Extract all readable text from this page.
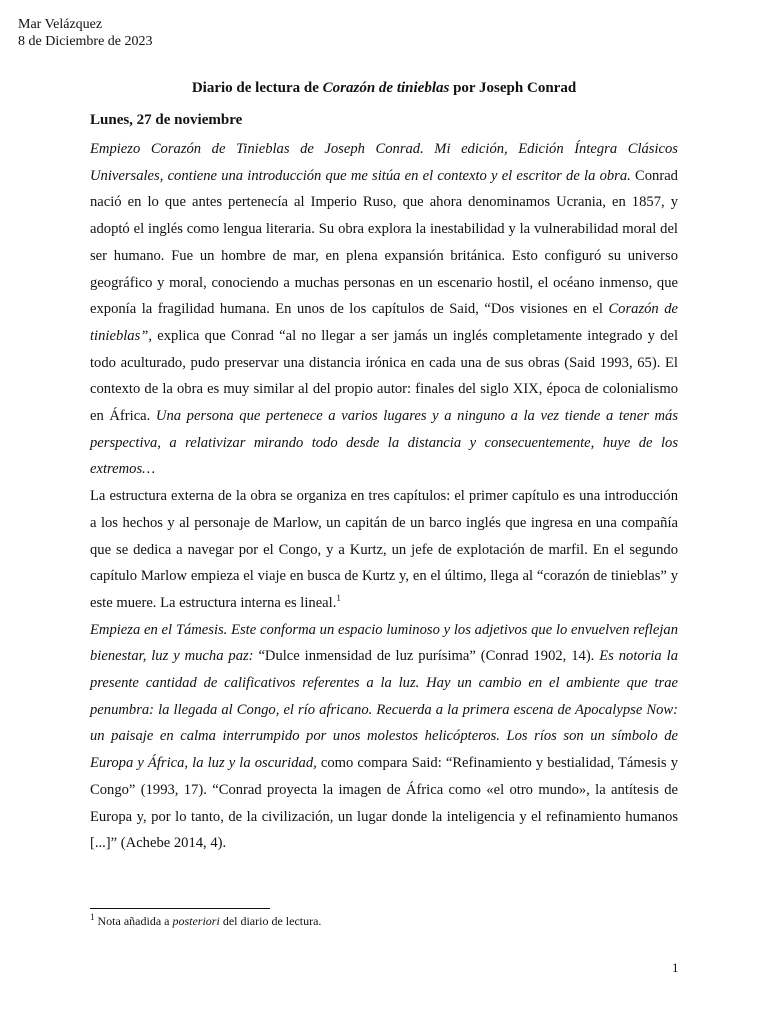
Mar Velázquez
8 de Diciembre de 2023
Diario de lectura de Corazón de tinieblas por Joseph Conrad
Lunes, 27 de noviembre

Empiezo Corazón de Tinieblas de Joseph Conrad. Mi edición, Edición Íntegra Clásicos Universales, contiene una introducción que me sitúa en el contexto y el escritor de la obra. Conrad nació en lo que antes pertenecía al Imperio Ruso, que ahora denominamos Ucrania, en 1857, y adoptó el inglés como lengua literaria. Su obra explora la inestabilidad y la vulnerabilidad moral del ser humano. Fue un hombre de mar, en plena expansión británica. Esto configuró su universo geográfico y moral, conociendo a muchas personas en un escenario hostil, el océano inmenso, que exponía la fragilidad humana. En unos de los capítulos de Said, “Dos visiones en el Corazón de tinieblas”, explica que Conrad “al no llegar a ser jamás un inglés completamente integrado y del todo aculturado, pudo preservar una distancia irónica en cada una de sus obras (Said 1993, 65). El contexto de la obra es muy similar al del propio autor: finales del siglo XIX, época de colonialismo en África. Una persona que pertenece a varios lugares y a ninguno a la vez tiende a tener más perspectiva, a relativizar mirando todo desde la distancia y consecuentemente, huye de los extremos…

La estructura externa de la obra se organiza en tres capítulos: el primer capítulo es una introducción a los hechos y al personaje de Marlow, un capitán de un barco inglés que ingresa en una compañía que se dedica a navegar por el Congo, y a Kurtz, un jefe de explotación de marfil. En el segundo capítulo Marlow empieza el viaje en busca de Kurtz y, en el último, llega al “corazón de tinieblas” y este muere. La estructura interna es lineal.$^1$

Empieza en el Támesis. Este conforma un espacio luminoso y los adjetivos que lo envuelven reflejan bienestar, luz y mucha paz: “Dulce inmensidad de luz purísima” (Conrad 1902, 14). Es notoria la presente cantidad de calificativos referentes a la luz. Hay un cambio en el ambiente que trae penumbra: la llegada al Congo, el río africano. Recuerda a la primera escena de Apocalypse Now: un paisaje en calma interrumpido por unos molestos helicópteros. Los ríos son un símbolo de Europa y África, la luz y la oscuridad, como compara Said: “Refinamiento y bestialidad, Támesis y Congo” (1993, 17). “Conrad proyecta la imagen de África como «el otro mundo», la antítesis de Europa y, por lo tanto, de la civilización, un lugar donde la inteligencia y el refinamiento humanos [...]” (Achebe 2014, 4).

$^1$ Nota añadida a posteriori del diario de lectura.
1
